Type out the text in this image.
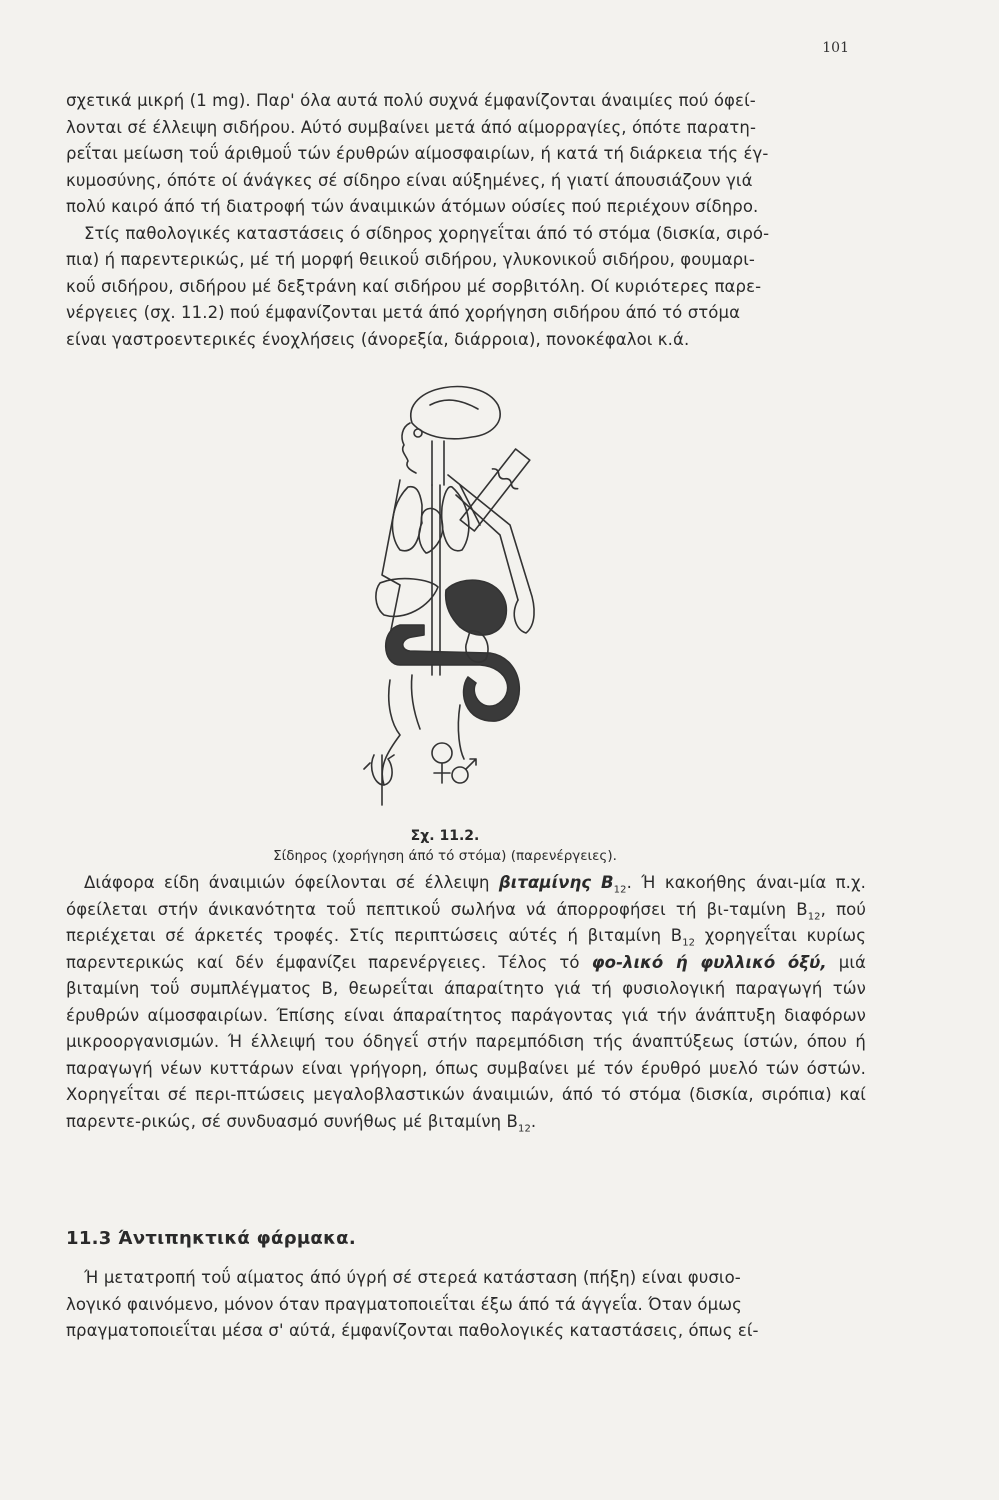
101

σχετικά μικρή (1 mg). Παρ' όλα αυτά πολύ συχνά έμφανίζονται άναιμίες πού όφεί-

λονται σέ έλλειψη σιδήρου. Αύτό συμβαίνει μετά άπό αίμορραγίες, όπότε παρατη-

ρεΐται μείωση τοΰ άριθμοΰ τών έρυθρών αίμοσφαιρίων, ή κατά τή διάρκεια τής έγ-

κυμοσύνης, όπότε οί άνάγκες σέ σίδηρο είναι αύξημένες, ή γιατί άπουσιάζουν γιά

πολύ καιρό άπό τή διατροφή τών άναιμικών άτόμων ούσίες πού περιέχουν σίδηρο.

Στίς παθολογικές καταστάσεις ό σίδηρος χορηγεΐται άπό τό στόμα (δισκία, σιρό-

πια) ή παρεντερικώς, μέ τή μορφή θειικοΰ σιδήρου, γλυκονικοΰ σιδήρου, φουμαρι-

κοΰ σιδήρου, σιδήρου μέ δεξτράνη καί σιδήρου μέ σορβιτόλη. Οί κυριότερες παρε-

νέργειες (σχ. 11.2) πού έμφανίζονται μετά άπό χορήγηση σιδήρου άπό τό στόμα

είναι γαστροεντερικές ένοχλήσεις (άνορεξία, διάρροια), πονοκέφαλοι κ.ά.

Σχ. 11.2.
Σίδηρος (χορήγηση άπό τό στόμα) (παρενέργειες).

Διάφορα είδη άναιμιών όφείλονται σέ έλλειψη βιταμίνης $B_{12}$. Ή κακοήθης άναι-μία π.χ. όφείλεται στήν άνικανότητα τοΰ πεπτικοΰ σωλήνα νά άπορροφήσει τή βι-ταμίνη $B_{12}$, πού περιέχεται σέ άρκετές τροφές. Στίς περιπτώσεις αύτές ή βιταμίνη $B_{12}$ χορηγεΐται κυρίως παρεντερικώς καί δέν έμφανίζει παρενέργειες. Τέλος τό φο-λικό ή φυλλικό όξύ, μιά βιταμίνη τοΰ συμπλέγματος Β, θεωρεΐται άπαραίτητο γιά τή φυσιολογική παραγωγή τών έρυθρών αίμοσφαιρίων. Έπίσης είναι άπαραίτητος παράγοντας γιά τήν άνάπτυξη διαφόρων μικροοργανισμών. Ή έλλειψή του όδηγεΐ στήν παρεμπόδιση τής άναπτύξεως ίστών, όπου ή παραγωγή νέων κυττάρων είναι γρήγορη, όπως συμβαίνει μέ τόν έρυθρό μυελό τών όστών. Χορηγεΐται σέ περι-πτώσεις μεγαλοβλαστικών άναιμιών, άπό τό στόμα (δισκία, σιρόπια) καί παρεντε-ρικώς, σέ συνδυασμό συνήθως μέ βιταμίνη $B_{12}$.

11.3 Άντιπηκτικά φάρμακα.

Ή μετατροπή τοΰ αίματος άπό ύγρή σέ στερεά κατάσταση (πήξη) είναι φυσιο-

λογικό φαινόμενο, μόνον όταν πραγματοποιεΐται έξω άπό τά άγγεΐα. Όταν όμως

πραγματοποιεΐται μέσα σ' αύτά, έμφανίζονται παθολογικές καταστάσεις, όπως εί-
